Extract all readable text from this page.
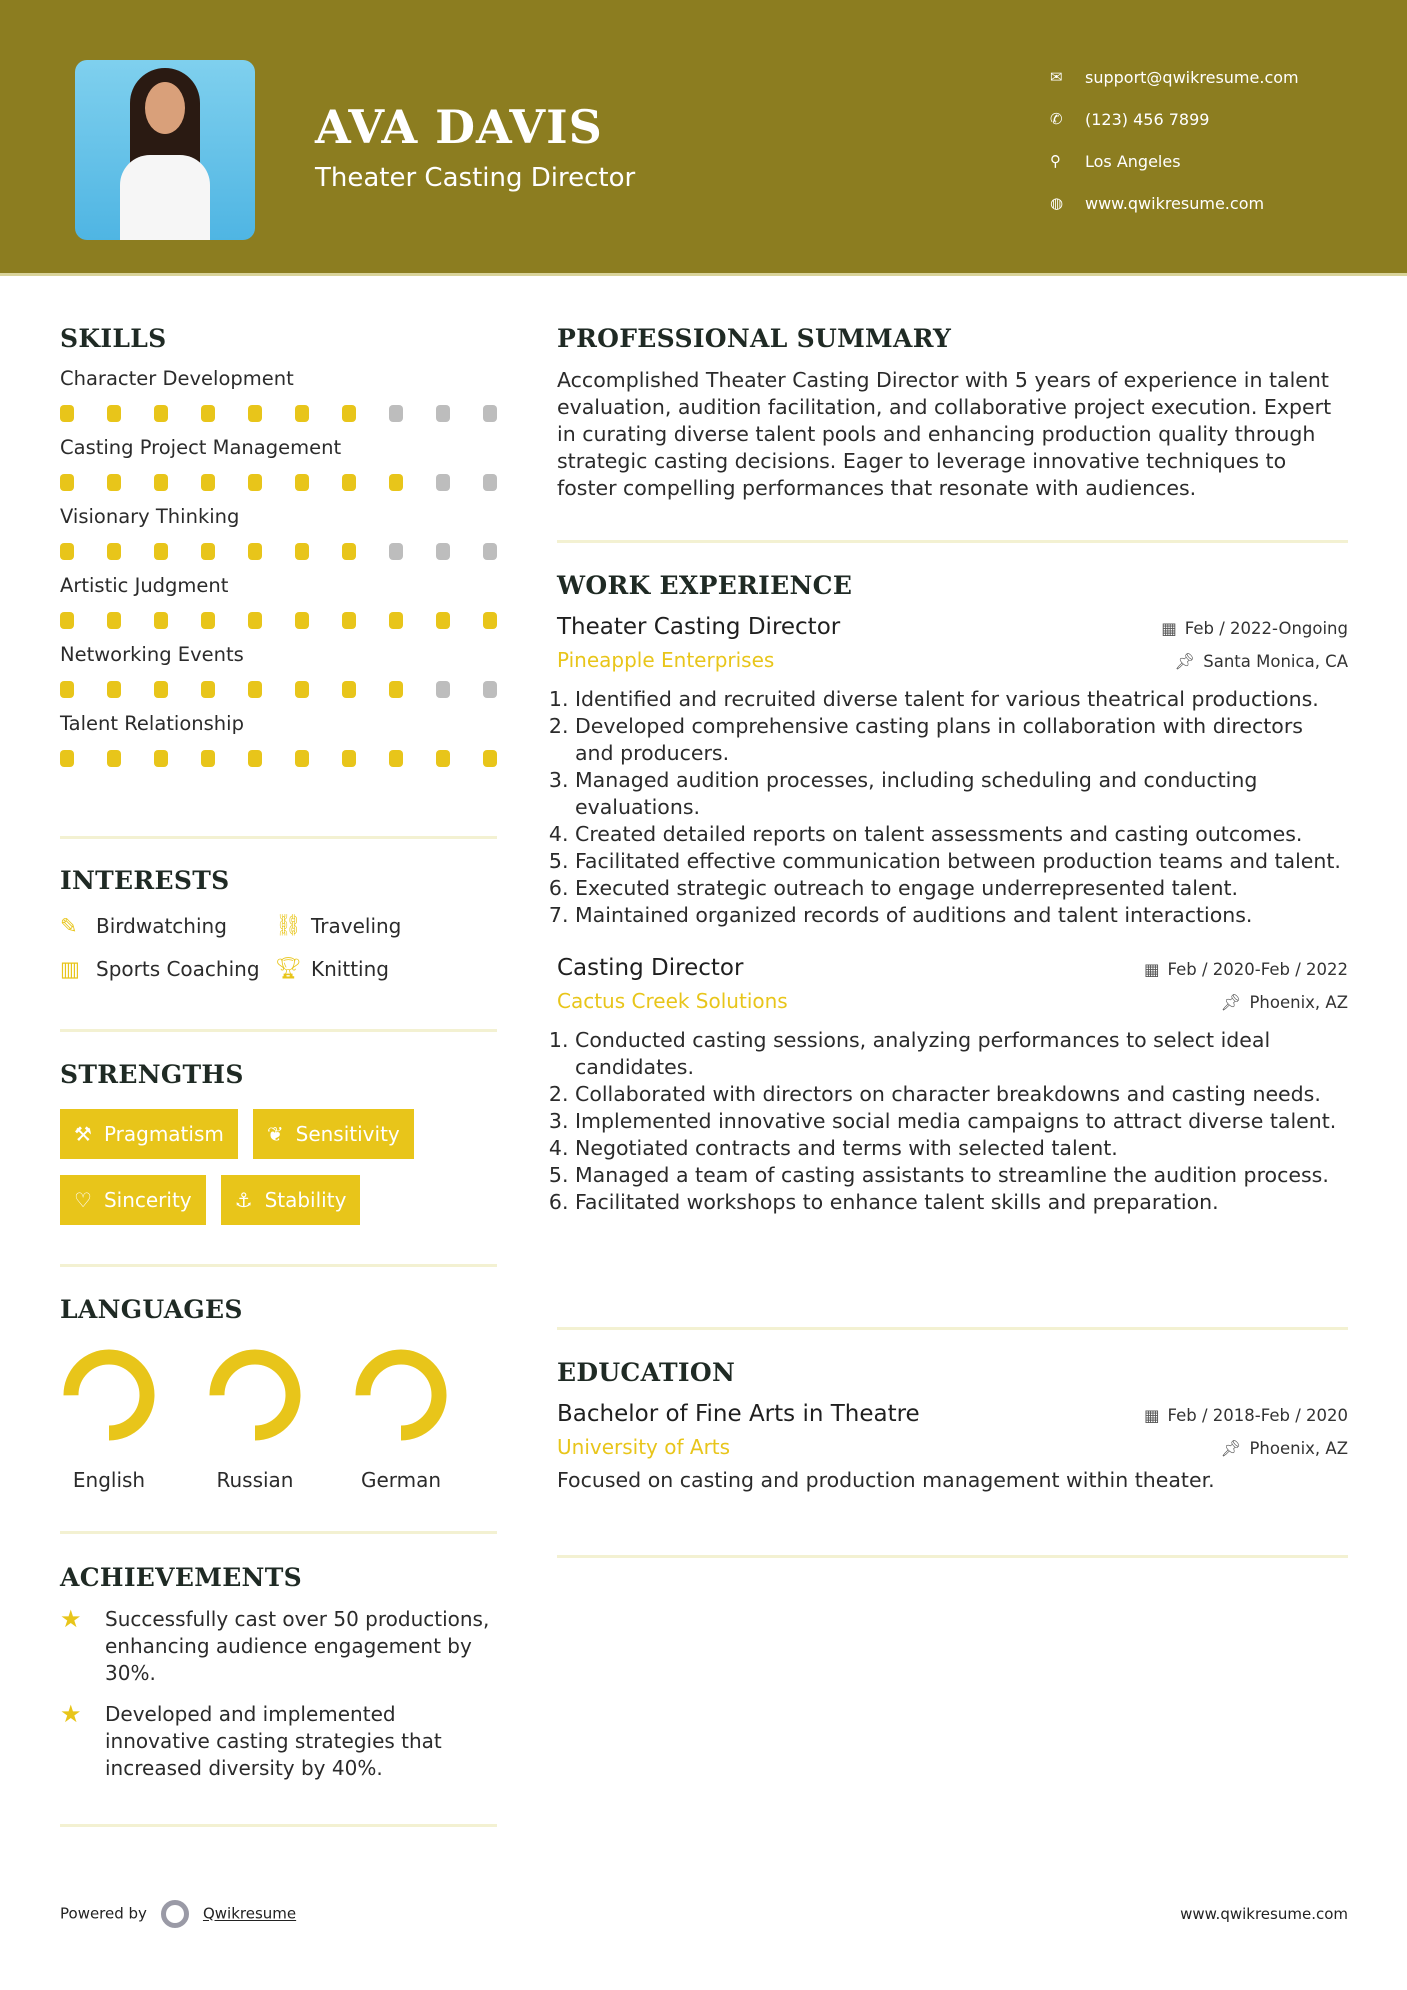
AVA DAVIS
Theater Casting Director
✉	support@qwikresume.com
✆	(123) 456 7899
⚲	Los Angeles
◍	www.qwikresume.com
SKILLS
Character Development
Casting Project Management
Visionary Thinking
Artistic Judgment
Networking Events
Talent Relationship
INTERESTS
✎ Birdwatching ⛓ Traveling
▥ Sports Coaching 🏆︎ Knitting
STRENGTHS
⚒ Pragmatism ❦ Sensitivity
♡ Sincerity ⚓ Stability
LANGUAGES
English	Russian	German
ACHIEVEMENTS
★	Successfully cast over 50 productions, enhancing audience engagement by 30%.
★	Developed and implemented innovative casting strategies that increased diversity by 40%.
PROFESSIONAL SUMMARY

Accomplished Theater Casting Director with 5 years of experience in talent evaluation, audition facilitation, and collaborative project execution. Expert in curating diverse talent pools and enhancing production quality through strategic casting decisions. Eager to leverage innovative techniques to foster compelling performances that resonate with audiences.

WORK EXPERIENCE
Theater Casting Director	▦ Feb / 2022-Ongoing
Pineapple Enterprises	📌︎ Santa Monica, CA
1. Identified and recruited diverse talent for various theatrical productions.
2. Developed comprehensive casting plans in collaboration with directors and producers.
3. Managed audition processes, including scheduling and conducting evaluations.
4. Created detailed reports on talent assessments and casting outcomes.
5. Facilitated effective communication between production teams and talent.
6. Executed strategic outreach to engage underrepresented talent.
7. Maintained organized records of auditions and talent interactions.
Casting Director	▦ Feb / 2020-Feb / 2022
Cactus Creek Solutions	📌︎ Phoenix, AZ
1. Conducted casting sessions, analyzing performances to select ideal candidates.
2. Collaborated with directors on character breakdowns and casting needs.
3. Implemented innovative social media campaigns to attract diverse talent.
4. Negotiated contracts and terms with selected talent.
5. Managed a team of casting assistants to streamline the audition process.
6. Facilitated workshops to enhance talent skills and preparation.
EDUCATION
Bachelor of Fine Arts in Theatre	▦ Feb / 2018-Feb / 2020
University of Arts	📌︎ Phoenix, AZ

Focused on casting and production management within theater.

Powered by	Qwikresume	www.qwikresume.com
